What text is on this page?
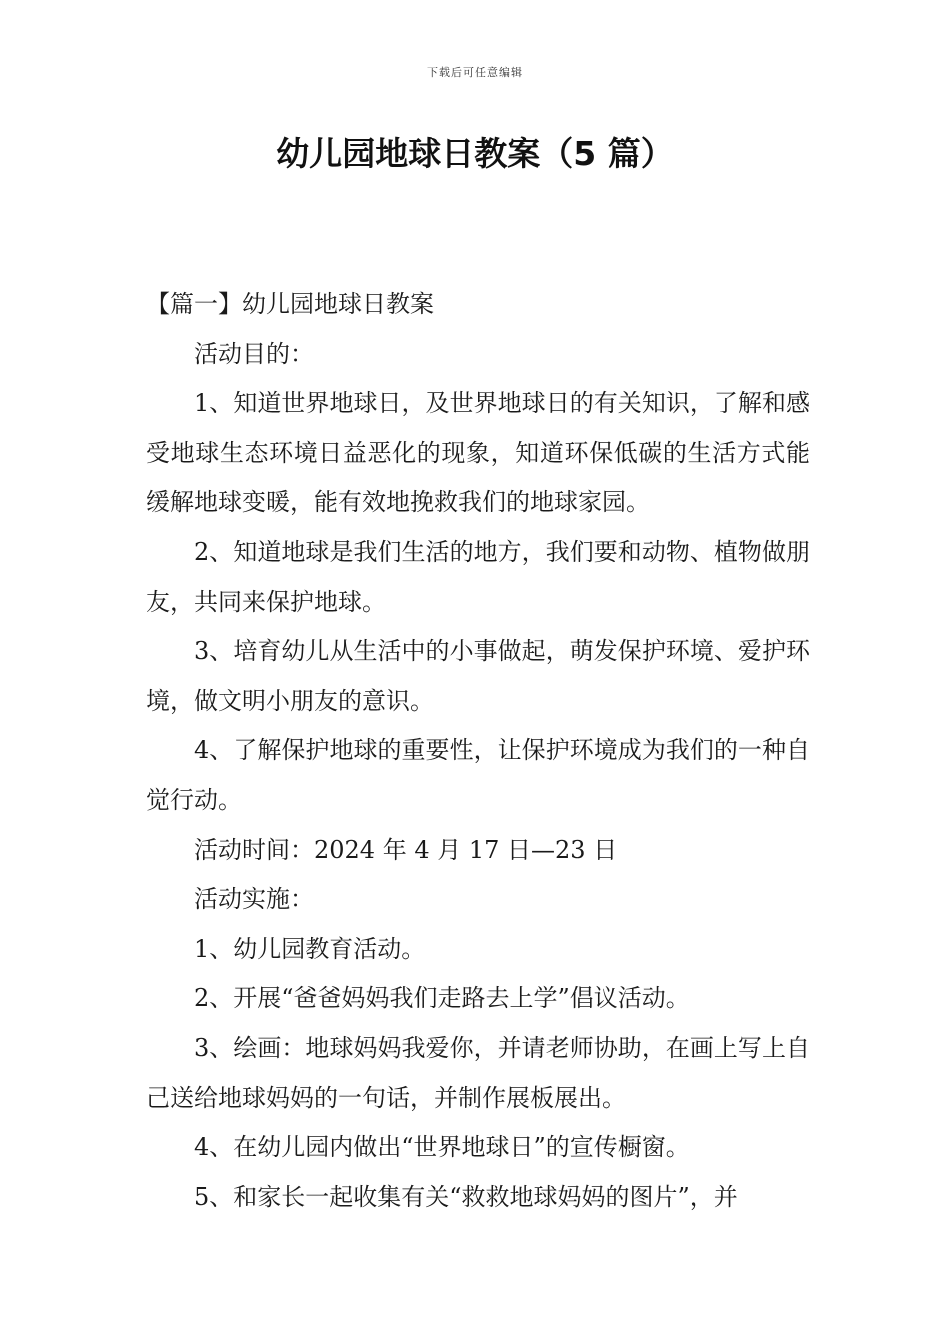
下载后可任意编辑
幼儿园地球日教案（5 篇）

【篇一】幼儿园地球日教案

活动目的：

1、知道世界地球日，及世界地球日的有关知识，了解和感受地球生态环境日益恶化的现象，知道环保低碳的生活方式能缓解地球变暖，能有效地挽救我们的地球家园。

2、知道地球是我们生活的地方，我们要和动物、植物做朋友，共同来保护地球。

3、培育幼儿从生活中的小事做起，萌发保护环境、爱护环境，做文明小朋友的意识。

4、了解保护地球的重要性，让保护环境成为我们的一种自觉行动。

活动时间：2024 年 4 月 17 日—23 日

活动实施：

1、幼儿园教育活动。

2、开展“爸爸妈妈我们走路去上学”倡议活动。

3、绘画：地球妈妈我爱你，并请老师协助，在画上写上自己送给地球妈妈的一句话，并制作展板展出。

4、在幼儿园内做出“世界地球日”的宣传橱窗。

5、和家长一起收集有关“救救地球妈妈的图片”，并
